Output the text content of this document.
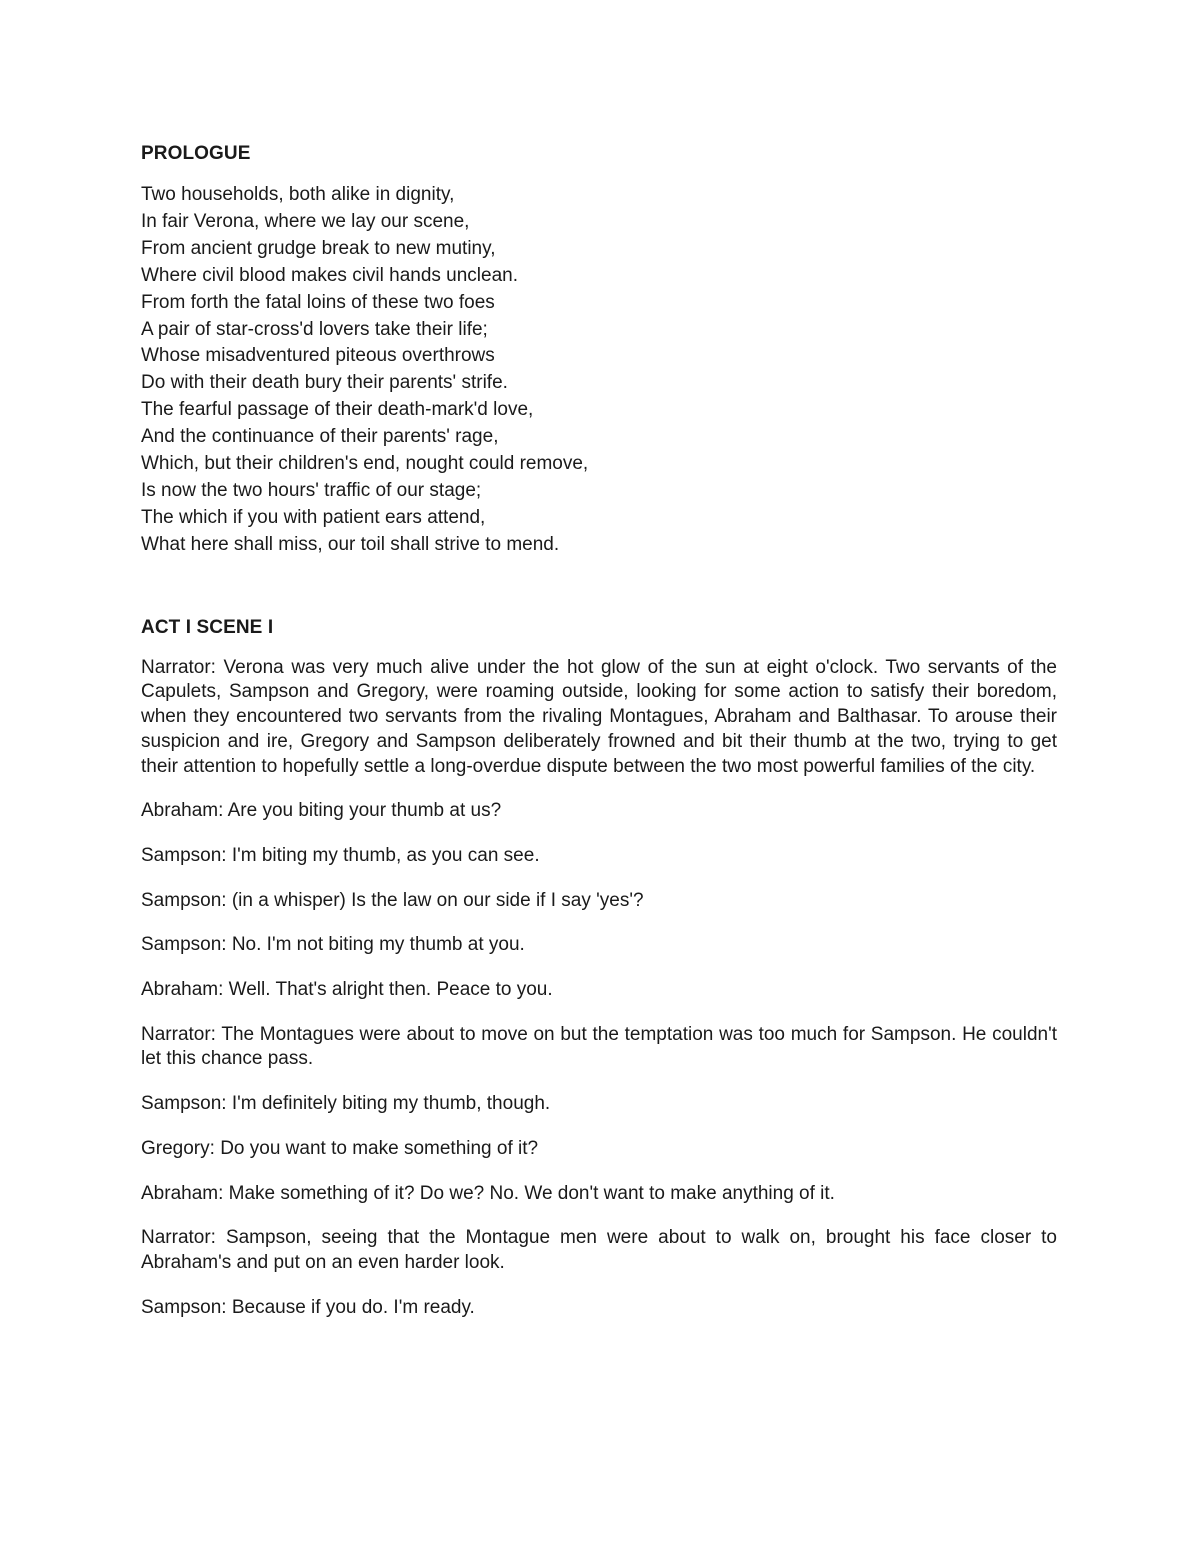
PROLOGUE
Two households, both alike in dignity,
In fair Verona, where we lay our scene,
From ancient grudge break to new mutiny,
Where civil blood makes civil hands unclean.
From forth the fatal loins of these two foes
A pair of star-cross'd lovers take their life;
Whose misadventured piteous overthrows
Do with their death bury their parents' strife.
The fearful passage of their death-mark'd love,
And the continuance of their parents' rage,
Which, but their children's end, nought could remove,
Is now the two hours' traffic of our stage;
The which if you with patient ears attend,
What here shall miss, our toil shall strive to mend.
ACT I SCENE I

Narrator: Verona was very much alive under the hot glow of the sun at eight o'clock. Two servants of the Capulets, Sampson and Gregory, were roaming outside, looking for some action to satisfy their boredom, when they encountered two servants from the rivaling Montagues, Abraham and Balthasar. To arouse their suspicion and ire, Gregory and Sampson deliberately frowned and bit their thumb at the two, trying to get their attention to hopefully settle a long-overdue dispute between the two most powerful families of the city.

Abraham: Are you biting your thumb at us?

Sampson: I'm biting my thumb, as you can see.

Sampson: (in a whisper) Is the law on our side if I say 'yes'?

Sampson: No. I'm not biting my thumb at you.

Abraham: Well. That's alright then. Peace to you.

Narrator: The Montagues were about to move on but the temptation was too much for Sampson. He couldn't let this chance pass.

Sampson: I'm definitely biting my thumb, though.

Gregory: Do you want to make something of it?

Abraham: Make something of it? Do we? No. We don't want to make anything of it.

Narrator: Sampson, seeing that the Montague men were about to walk on, brought his face closer to Abraham's and put on an even harder look.

Sampson: Because if you do. I'm ready.
